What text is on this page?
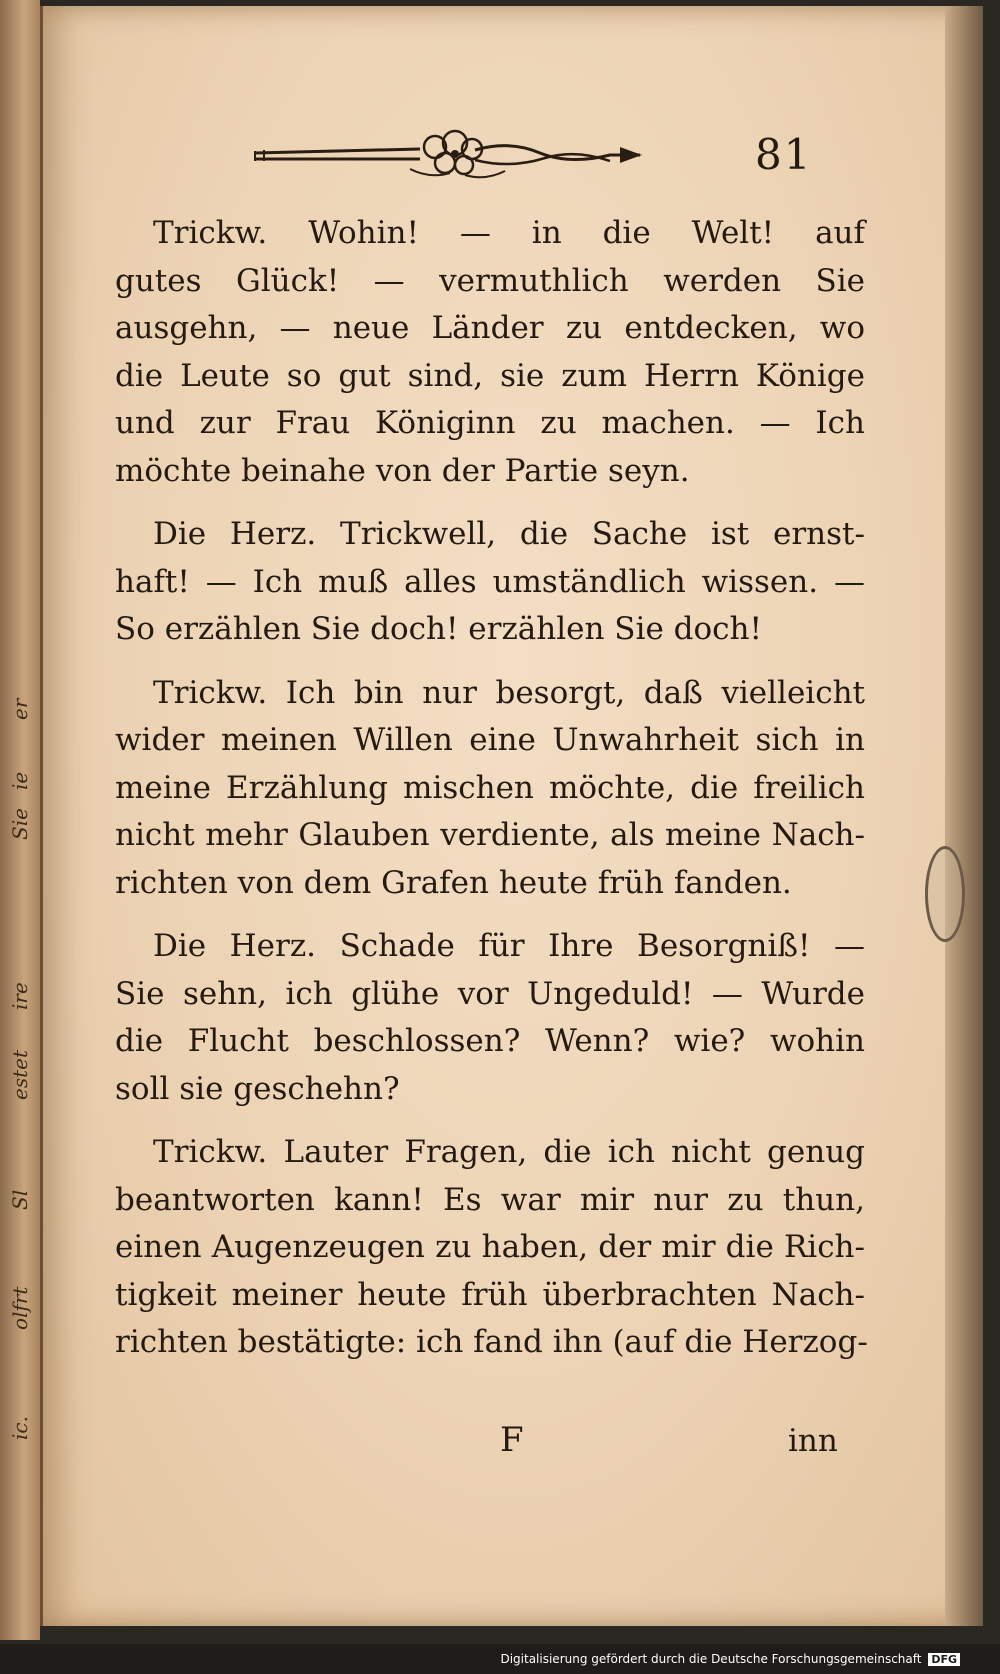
er
ie
Sie
ire
estet
Sl
olfrt
ic.
81
Trickw. Wohin! — in die Welt! auf
gutes Glück! — vermuthlich werden Sie
ausgehn, — neue Länder zu entdecken, wo
die Leute so gut sind, sie zum Herrn Könige
und zur Frau Königinn zu machen. — Ich
möchte beinahe von der Partie seyn.
Die Herz. Trickwell, die Sache ist ernst-
haft! — Ich muß alles umständlich wissen. —
So erzählen Sie doch! erzählen Sie doch!
Trickw. Ich bin nur besorgt, daß vielleicht
wider meinen Willen eine Unwahrheit sich in
meine Erzählung mischen möchte, die freilich
nicht mehr Glauben verdiente, als meine Nach-
richten von dem Grafen heute früh fanden.
Die Herz. Schade für Ihre Besorgniß! —
Sie sehn, ich glühe vor Ungeduld! — Wurde
die Flucht beschlossen? Wenn? wie? wohin
soll sie geschehn?
Trickw. Lauter Fragen, die ich nicht genug
beantworten kann! Es war mir nur zu thun,
einen Augenzeugen zu haben, der mir die Rich-
tigkeit meiner heute früh überbrachten Nach-
richten bestätigte: ich fand ihn (auf die Herzog-
F	inn
Digitalisierung gefördert durch die Deutsche Forschungsgemeinschaft DFG
